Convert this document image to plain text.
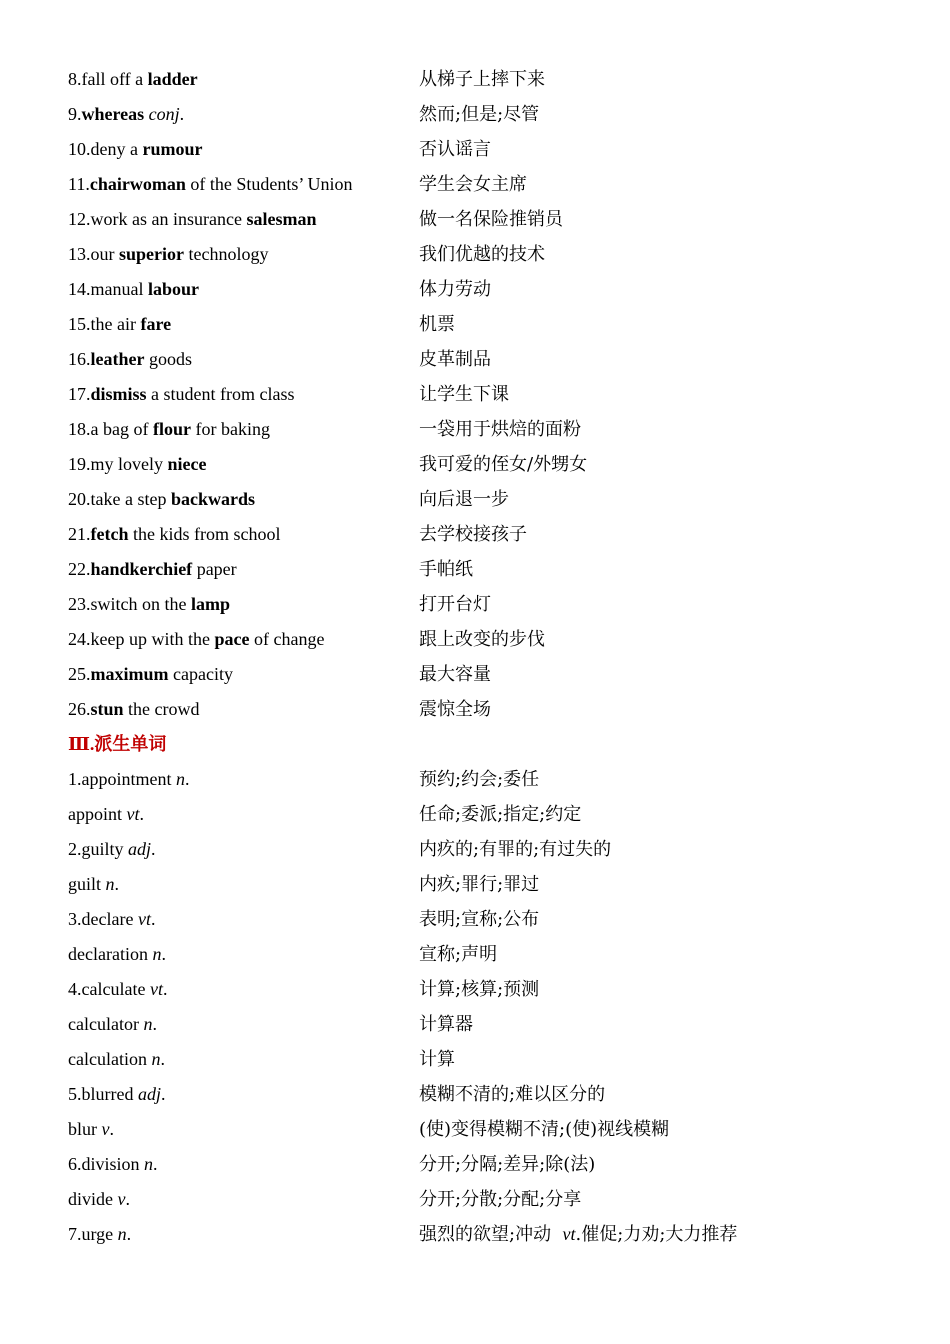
8.fall off a ladder	从梯子上摔下来
9.whereas conj.	然而;但是;尽管
10.deny a rumour	否认谣言
11.chairwoman of the Students’ Union	学生会女主席
12.work as an insurance salesman	做一名保险推销员
13.our superior technology	我们优越的技术
14.manual labour	体力劳动
15.the air fare	机票
16.leather goods	皮革制品
17.dismiss a student from class	让学生下课
18.a bag of flour for baking	一袋用于烘焙的面粉
19.my lovely niece	我可爱的侄女/外甥女
20.take a step backwards	向后退一步
21.fetch the kids from school	去学校接孩子
22.handkerchief paper	手帕纸
23.switch on the lamp	打开台灯
24.keep up with the pace of change	跟上改变的步伐
25.maximum capacity	最大容量
26.stun the crowd	震惊全场
Ⅲ.派生单词
1.appointment n.	预约;约会;委任
appoint vt.	任命;委派;指定;约定
2.guilty adj.	内疚的;有罪的;有过失的
guilt n.	内疚;罪行;罪过
3.declare vt.	表明;宣称;公布
declaration n.	宣称;声明
4.calculate vt.	计算;核算;预测
calculator n.	计算器
calculation n.	计算
5.blurred adj.	模糊不清的;难以区分的
blur v.	(使)变得模糊不清;(使)视线模糊
6.division n.	分开;分隔;差异;除(法)
divide v.	分开;分散;分配;分享
7.urge n.	强烈的欲望;冲动 vt.催促;力劝;大力推荐
